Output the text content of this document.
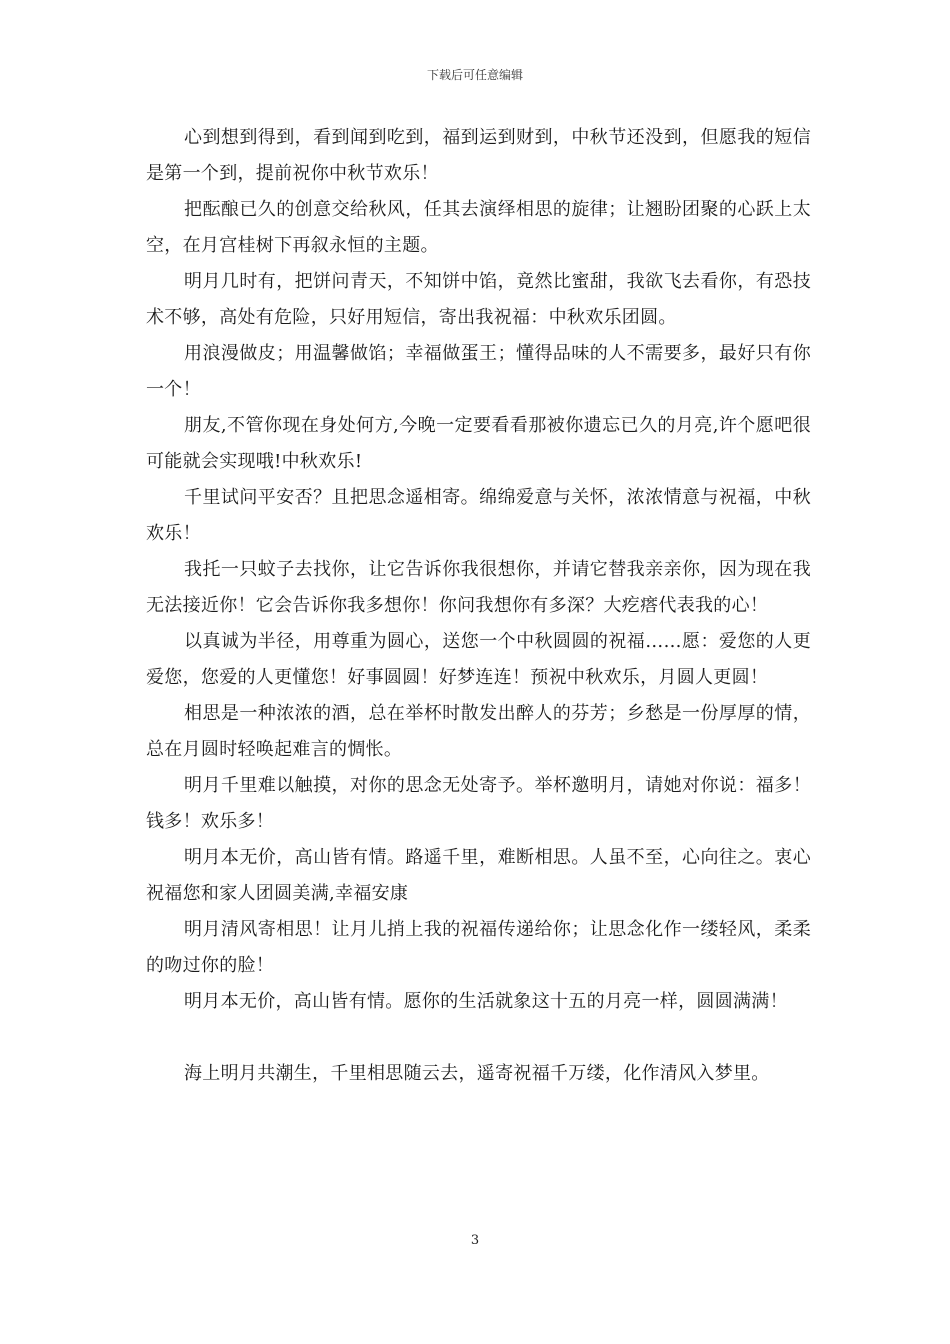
下载后可任意编辑

心到想到得到，看到闻到吃到，福到运到财到，中秋节还没到，但愿我的短信是第一个到，提前祝你中秋节欢乐！

把酝酿已久的创意交给秋风，任其去演绎相思的旋律；让翘盼团聚的心跃上太空，在月宫桂树下再叙永恒的主题。

明月几时有，把饼问青天，不知饼中馅，竟然比蜜甜，我欲飞去看你，有恐技术不够，高处有危险，只好用短信，寄出我祝福：中秋欢乐团圆。

用浪漫做皮；用温馨做馅；幸福做蛋王；懂得品味的人不需要多，最好只有你一个！

朋友,不管你现在身处何方,今晚一定要看看那被你遗忘已久的月亮,许个愿吧很可能就会实现哦!中秋欢乐!

千里试问平安否？且把思念遥相寄。绵绵爱意与关怀，浓浓情意与祝福，中秋欢乐！

我托一只蚊子去找你，让它告诉你我很想你，并请它替我亲亲你，因为现在我无法接近你！它会告诉你我多想你！你问我想你有多深？大疙瘩代表我的心！

以真诚为半径，用尊重为圆心，送您一个中秋圆圆的祝福……愿：爱您的人更爱您，您爱的人更懂您！好事圆圆！好梦连连！预祝中秋欢乐，月圆人更圆！

相思是一种浓浓的酒，总在举杯时散发出醉人的芬芳；乡愁是一份厚厚的情，总在月圆时轻唤起难言的惆怅。

明月千里难以触摸，对你的思念无处寄予。举杯邀明月，请她对你说：福多！钱多！欢乐多！

明月本无价，高山皆有情。路遥千里，难断相思。人虽不至，心向往之。衷心祝福您和家人团圆美满,幸福安康

明月清风寄相思！让月儿捎上我的祝福传递给你；让思念化作一缕轻风，柔柔的吻过你的脸！

明月本无价，高山皆有情。愿你的生活就象这十五的月亮一样，圆圆满满！

海上明月共潮生，千里相思随云去，遥寄祝福千万缕，化作清风入梦里。

3
